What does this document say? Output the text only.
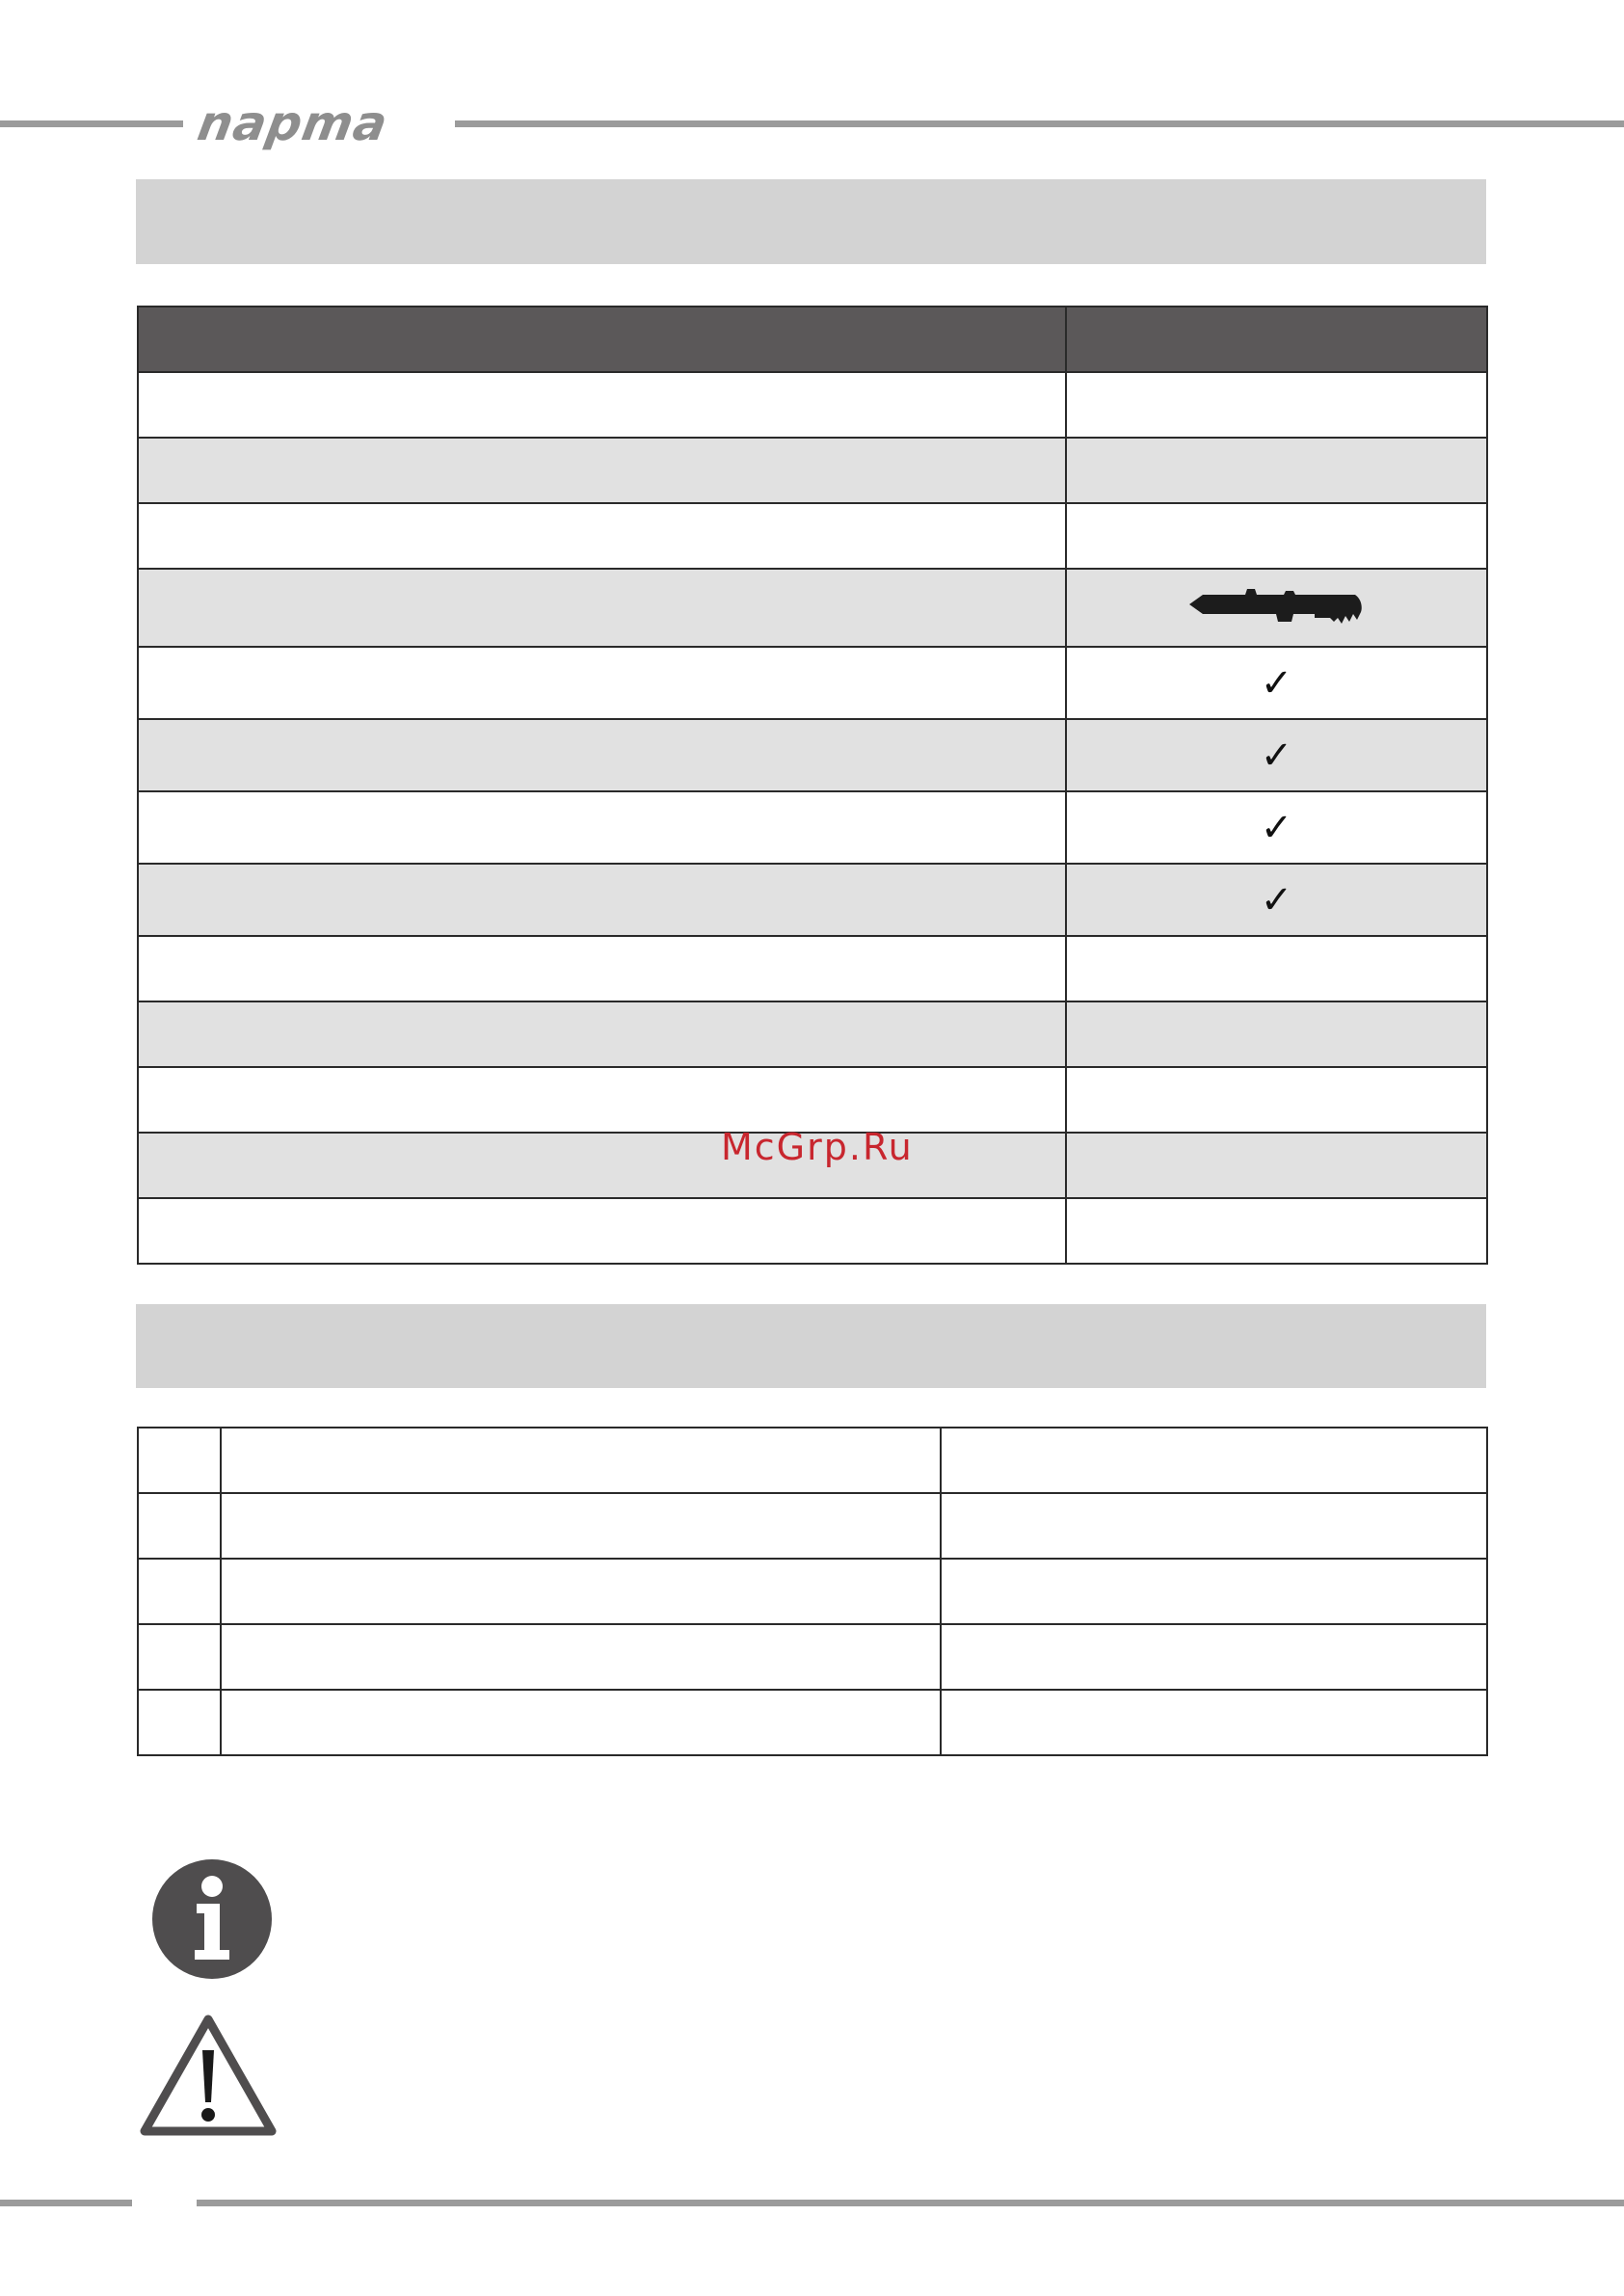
napma

	✓
	✓
	✓
	✓

McGrp.Ru
